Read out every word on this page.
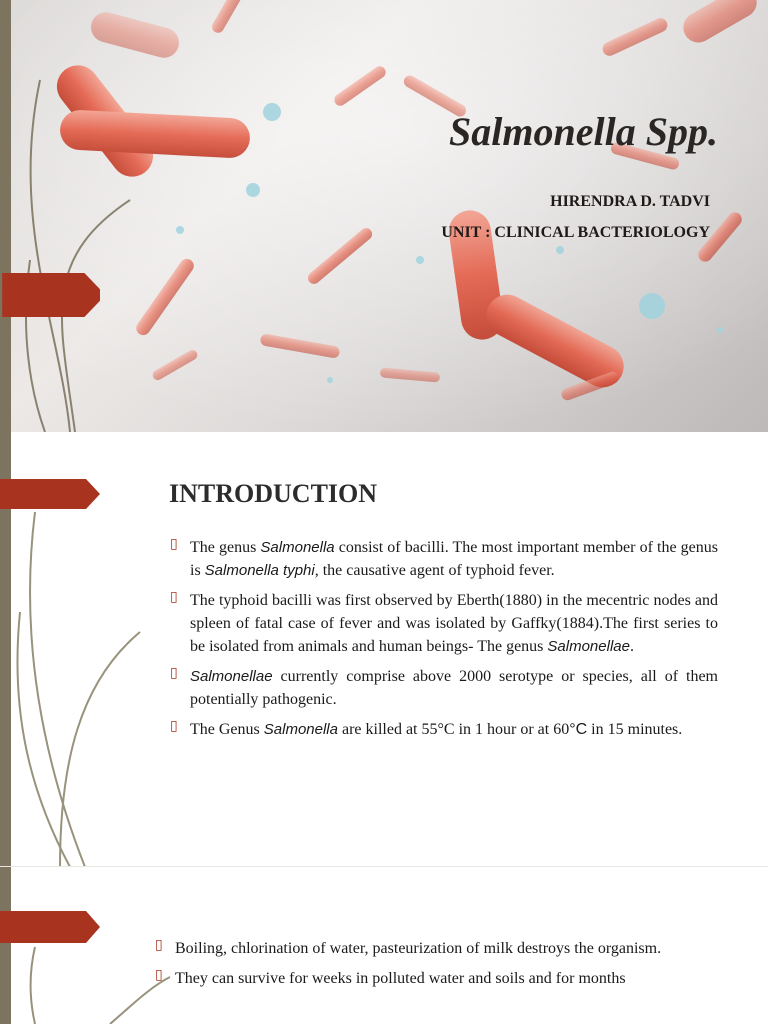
Salmonella Spp.
HIRENDRA D. TADVI
UNIT : CLINICAL BACTERIOLOGY
INTRODUCTION
▯ The genus Salmonella consist of bacilli. The most important member of the genus is Salmonella typhi, the causative agent of typhoid fever.
▯ The typhoid bacilli was first observed by Eberth(1880) in the mecentric nodes and spleen of fatal case of fever and was isolated by Gaffky(1884).The first series to be isolated from animals and human beings- The genus Salmonellae.
▯ Salmonellae currently comprise above 2000 serotype or species, all of them potentially pathogenic.
▯ The Genus Salmonella are killed at 55°C in 1 hour or at 60°C in 15 minutes.
▯ Boiling, chlorination of water, pasteurization of milk destroys the organism.
▯ They can survive for weeks in polluted water and soils and for months
